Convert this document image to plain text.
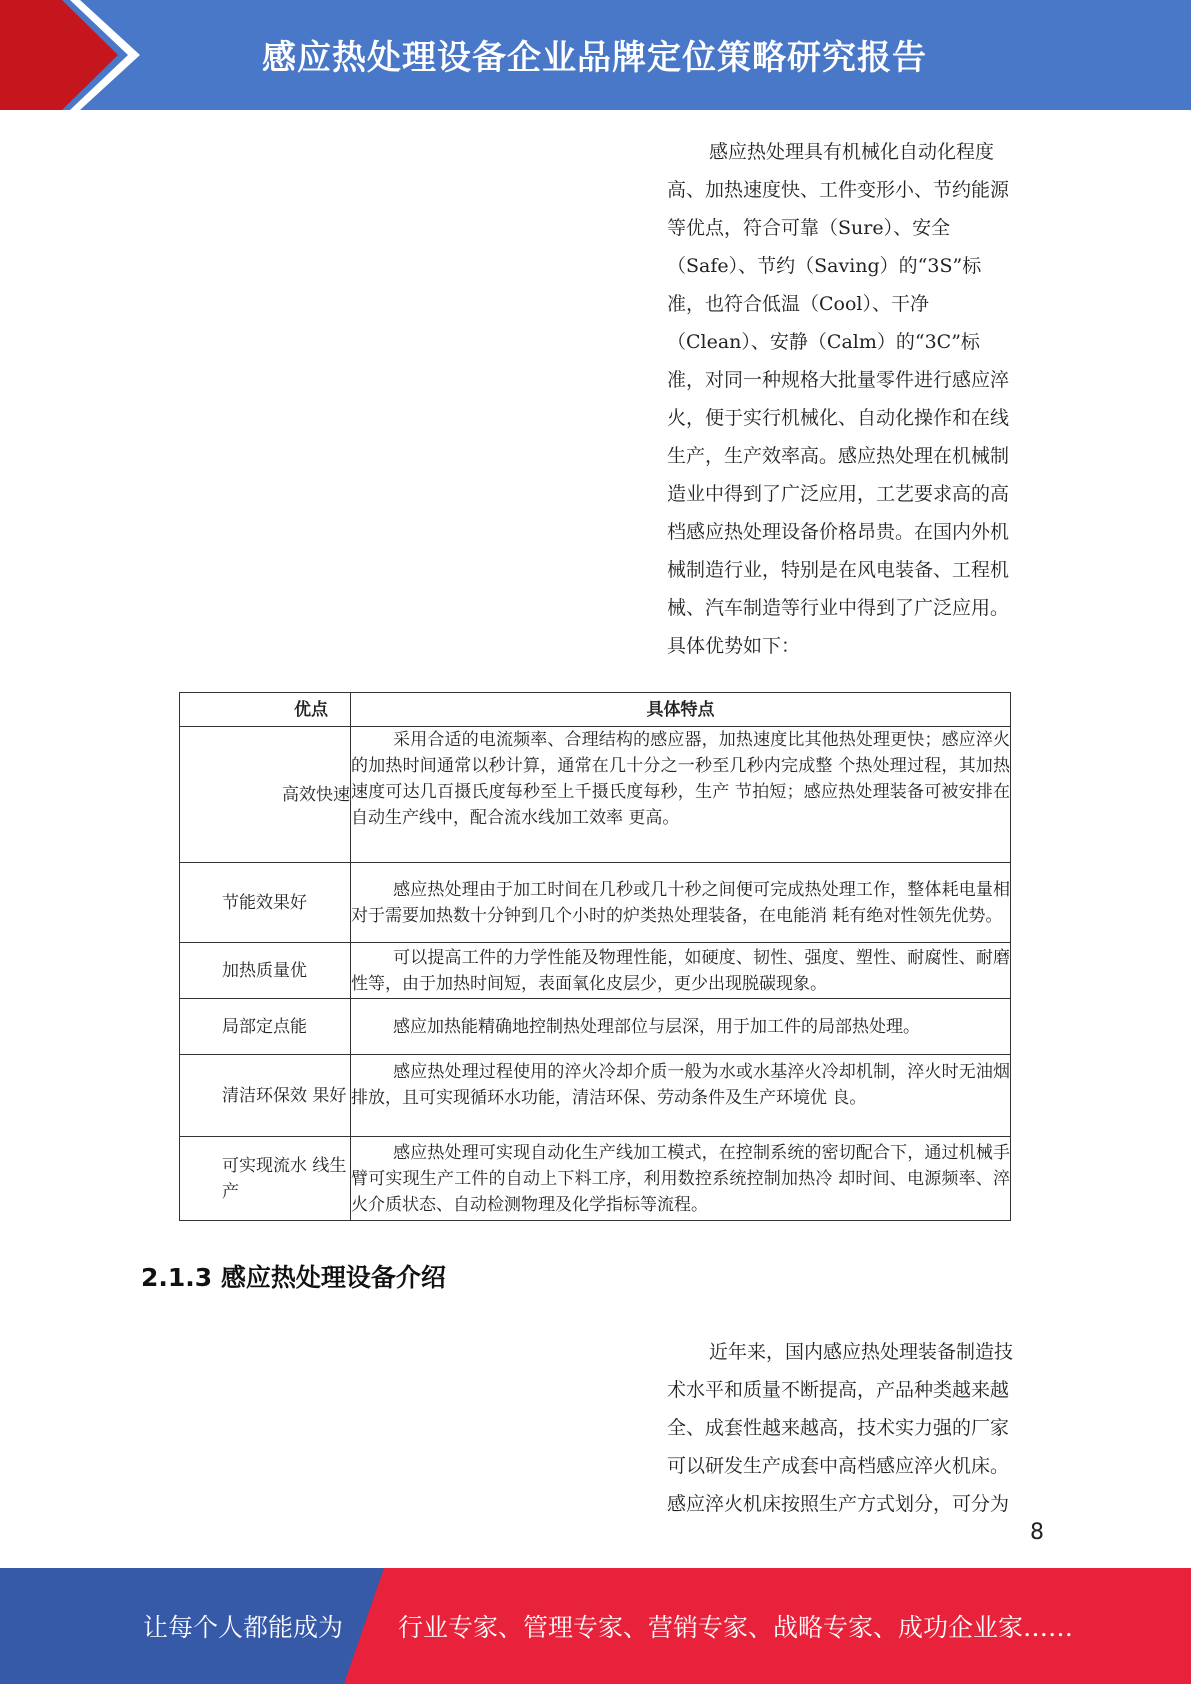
感应热处理设备企业品牌定位策略研究报告
感应热处理具有机械化自动化程度
高、加热速度快、工件变形小、节约能源
等优点，符合可靠（Sure）、安全
（Safe）、节约（Saving）的“3S”标
准，也符合低温（Cool）、干净
（Clean）、安静（Calm）的“3C”标
准，对同一种规格大批量零件进行感应淬
火，便于实行机械化、自动化操作和在线
生产，生产效率高。感应热处理在机械制
造业中得到了广泛应用，工艺要求高的高
档感应热处理设备价格昂贵。在国内外机
械制造行业，特别是在风电装备、工程机
械、汽车制造等行业中得到了广泛应用。
具体优势如下：
优点	具体特点
高效快速	采用合适的电流频率、合理结构的感应器，加热速度比其他热处理更快；感应淬火的加热时间通常以秒计算，通常在几十分之一秒至几秒内完成整 个热处理过程，其加热速度可达几百摄氏度每秒至上千摄氏度每秒，生产 节拍短；感应热处理装备可被安排在自动生产线中，配合流水线加工效率 更高。
节能效果好	感应热处理由于加工时间在几秒或几十秒之间便可完成热处理工作，整体耗电量相对于需要加热数十分钟到几个小时的炉类热处理装备，在电能消 耗有绝对性领先优势。
加热质量优	可以提高工件的力学性能及物理性能，如硬度、韧性、强度、塑性、耐腐性、耐磨性等，由于加热时间短，表面氧化皮层少，更少出现脱碳现象。
局部定点能	感应加热能精确地控制热处理部位与层深，用于加工件的局部热处理。
清洁环保效 果好	感应热处理过程使用的淬火冷却介质一般为水或水基淬火冷却机制，淬火时无油烟排放，且可实现循环水功能，清洁环保、劳动条件及生产环境优 良。
可实现流水 线生产	感应热处理可实现自动化生产线加工模式，在控制系统的密切配合下，通过机械手臂可实现生产工件的自动上下料工序，利用数控系统控制加热冷 却时间、电源频率、淬火介质状态、自动检测物理及化学指标等流程。
2.1.3 感应热处理设备介绍
近年来，国内感应热处理装备制造技
术水平和质量不断提高，产品种类越来越
全、成套性越来越高，技术实力强的厂家
可以研发生产成套中高档感应淬火机床。
感应淬火机床按照生产方式划分，可分为
8
让每个人都能成为 行业专家、管理专家、营销专家、战略专家、成功企业家……
